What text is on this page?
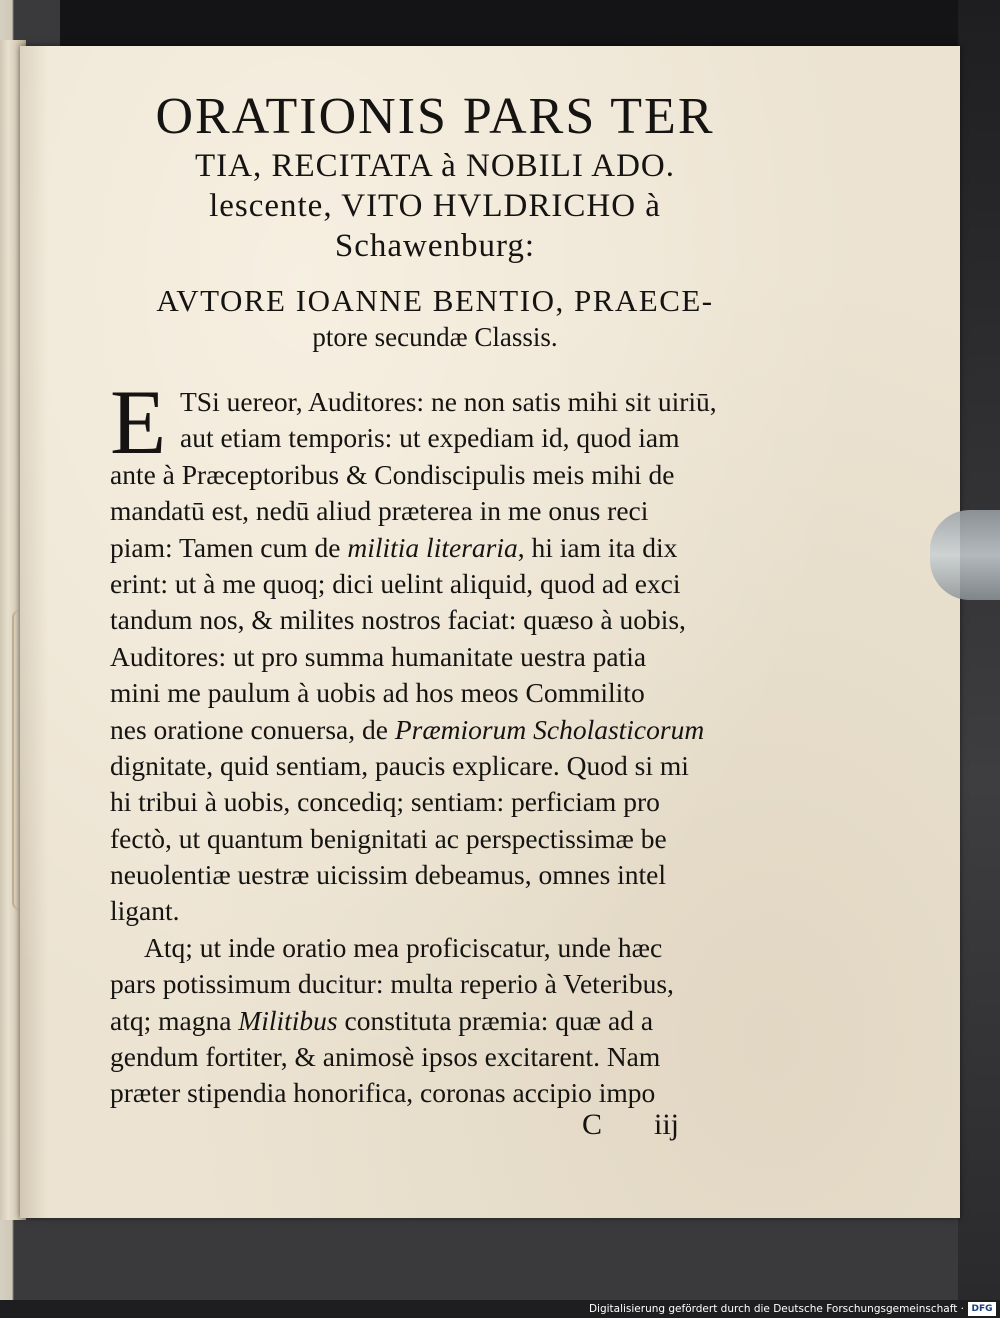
ORATIONIS PARS TER
TIA, RECITATA à NOBILI ADO.
lescente, VITO HVLDRICHO à
Schawenburg:
AVTORE IOANNE BENTIO, PRAECE-
ptore secundæ Classis.
E TSi uereor, Auditores: ne non satis mihi sit uiriū,
aut etiam temporis: ut expediam id, quod iam
ante à Præceptoribus & Condiscipulis meis mihi de
mandatū est, nedū aliud præterea in me onus reci
piam: Tamen cum de militia literaria, hi iam ita dix
erint: ut à me quoq; dici uelint aliquid, quod ad exci
tandum nos, & milites nostros faciat: quæso à uobis,
Auditores: ut pro summa humanitate uestra patia
mini me paulum à uobis ad hos meos Commilito
nes oratione conuersa, de Præmiorum Scholasticorum
dignitate, quid sentiam, paucis explicare. Quod si mi
hi tribui à uobis, concediq; sentiam: perficiam pro
fectò, ut quantum benignitati ac perspectissimæ be
neuolentiæ uestræ uicissim debeamus, omnes intel
ligant.
Atq; ut inde oratio mea proficiscatur, unde hæc
pars potissimum ducitur: multa reperio à Veteribus,
atq; magna Militibus constituta præmia: quæ ad a
gendum fortiter, & animosè ipsos excitarent. Nam
præter stipendia honorifica, coronas accipio impo
C iij
Digitalisierung gefördert durch die Deutsche Forschungsgemeinschaft · DFG
